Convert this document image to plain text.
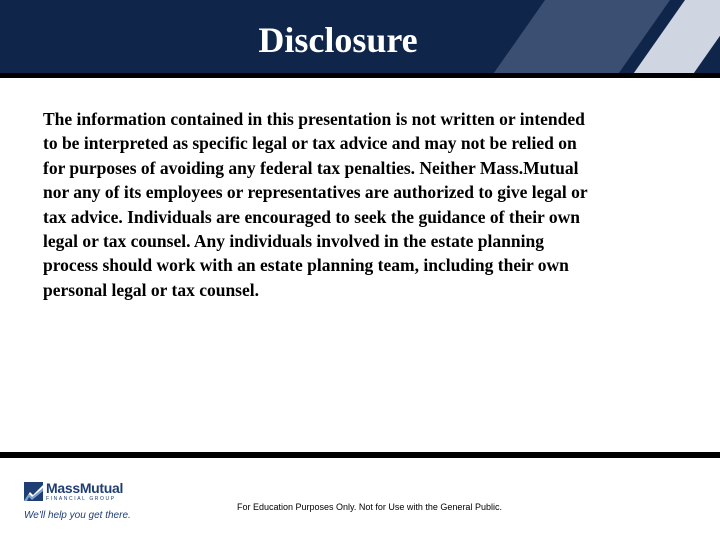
Disclosure
The information contained in this presentation is not written or intended
to be interpreted as specific legal or tax advice and may not be relied on
for purposes of avoiding any federal tax penalties. Neither Mass.Mutual
nor any of its employees or representatives are authorized to give legal or
tax advice. Individuals are encouraged to seek the guidance of their own
legal or tax counsel. Any individuals involved in the estate planning
process should work with an estate planning team, including their own
personal legal or tax counsel.
MassMutual
FINANCIAL GROUP
We'll help you get there.
For Education Purposes Only. Not for Use with the General Public.
